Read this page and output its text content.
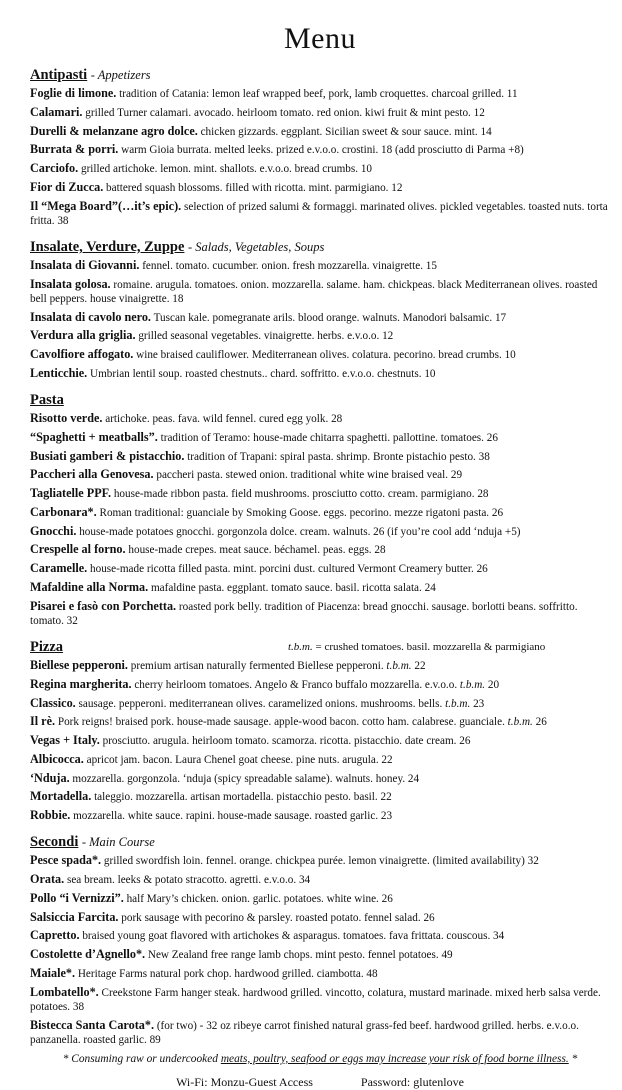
Menu
Antipasti - Appetizers
Foglie di limone. tradition of Catania: lemon leaf wrapped beef, pork, lamb croquettes. charcoal grilled. 11
Calamari. grilled Turner calamari. avocado. heirloom tomato. red onion. kiwi fruit & mint pesto. 12
Durelli & melanzane agro dolce. chicken gizzards. eggplant. Sicilian sweet & sour sauce. mint. 14
Burrata & porri. warm Gioia burrata. melted leeks. prized e.v.o.o. crostini. 18 (add prosciutto di Parma +8)
Carciofo. grilled artichoke. lemon. mint. shallots. e.v.o.o. bread crumbs. 10
Fior di Zucca. battered squash blossoms. filled with ricotta. mint. parmigiano. 12
Il “Mega Board”(…it’s epic). selection of prized salumi & formaggi. marinated olives. pickled vegetables. toasted nuts. torta fritta. 38
Insalate, Verdure, Zuppe - Salads, Vegetables, Soups
Insalata di Giovanni. fennel. tomato. cucumber. onion. fresh mozzarella. vinaigrette. 15
Insalata golosa. romaine. arugula. tomatoes. onion. mozzarella. salame. ham. chickpeas. black Mediterranean olives. roasted bell peppers. house vinaigrette. 18
Insalata di cavolo nero. Tuscan kale. pomegranate arils. blood orange. walnuts. Manodori balsamic. 17
Verdura alla griglia. grilled seasonal vegetables. vinaigrette. herbs. e.v.o.o. 12
Cavolfiore affogato. wine braised cauliflower. Mediterranean olives. colatura. pecorino. bread crumbs. 10
Lenticchie. Umbrian lentil soup. roasted chestnuts.. chard. soffritto. e.v.o.o. chestnuts. 10
Pasta
Risotto verde. artichoke. peas. fava. wild fennel. cured egg yolk. 28
“Spaghetti + meatballs”. tradition of Teramo: house-made chitarra spaghetti. pallottine. tomatoes. 26
Busiati gamberi & pistacchio. tradition of Trapani: spiral pasta. shrimp. Bronte pistachio pesto. 38
Paccheri alla Genovesa. paccheri pasta. stewed onion. traditional white wine braised veal. 29
Tagliatelle PPF. house-made ribbon pasta. field mushrooms. prosciutto cotto. cream. parmigiano. 28
Carbonara*. Roman traditional: guanciale by Smoking Goose. eggs. pecorino. mezze rigatoni pasta. 26
Gnocchi. house-made potatoes gnocchi. gorgonzola dolce. cream. walnuts. 26 (if you’re cool add ‘nduja +5)
Crespelle al forno. house-made crepes. meat sauce. béchamel. peas. eggs. 28
Caramelle. house-made ricotta filled pasta. mint. porcini dust. cultured Vermont Creamery butter. 26
Mafaldine alla Norma. mafaldine pasta. eggplant. tomato sauce. basil. ricotta salata. 24
Pisarei e fasò con Porchetta. roasted pork belly. tradition of Piacenza: bread gnocchi. sausage. borlotti beans. soffritto. tomato. 32
Pizza	t.b.m. = crushed tomatoes. basil. mozzarella & parmigiano
Biellese pepperoni. premium artisan naturally fermented Biellese pepperoni. t.b.m. 22
Regina margherita. cherry heirloom tomatoes. Angelo & Franco buffalo mozzarella. e.v.o.o. t.b.m. 20
Classico. sausage. pepperoni. mediterranean olives. caramelized onions. mushrooms. bells. t.b.m. 23
Il rè. Pork reigns! braised pork. house-made sausage. apple-wood bacon. cotto ham. calabrese. guanciale. t.b.m. 26
Vegas + Italy. prosciutto. arugula. heirloom tomato. scamorza. ricotta. pistacchio. date cream. 26
Albicocca. apricot jam. bacon. Laura Chenel goat cheese. pine nuts. arugula. 22
‘Nduja. mozzarella. gorgonzola. ‘nduja (spicy spreadable salame). walnuts. honey. 24
Mortadella. taleggio. mozzarella. artisan mortadella. pistacchio pesto. basil. 22
Robbie. mozzarella. white sauce. rapini. house-made sausage. roasted garlic. 23
Secondi - Main Course
Pesce spada*. grilled swordfish loin. fennel. orange. chickpea purée. lemon vinaigrette. (limited availability) 32
Orata. sea bream. leeks & potato stracotto. agretti. e.v.o.o. 34
Pollo “i Vernizzi”. half Mary’s chicken. onion. garlic. potatoes. white wine. 26
Salsiccia Farcita. pork sausage with pecorino & parsley. roasted potato. fennel salad. 26
Capretto. braised young goat flavored with artichokes & asparagus. tomatoes. fava frittata. couscous. 34
Costolette d’Agnello*. New Zealand free range lamb chops. mint pesto. fennel potatoes. 49
Maiale*. Heritage Farms natural pork chop. hardwood grilled. ciambotta. 48
Lombatello*. Creekstone Farm hanger steak. hardwood grilled. vincotto, colatura, mustard marinade. mixed herb salsa verde. potatoes. 38
Bistecca Santa Carota*. (for two) - 32 oz ribeye carrot finished natural grass-fed beef. hardwood grilled. herbs. e.v.o.o. panzanella. roasted garlic. 89
* Consuming raw or undercooked meats, poultry, seafood or eggs may increase your risk of food borne illness. *
Wi-Fi: Monzu-Guest Access	Password: glutenlove
